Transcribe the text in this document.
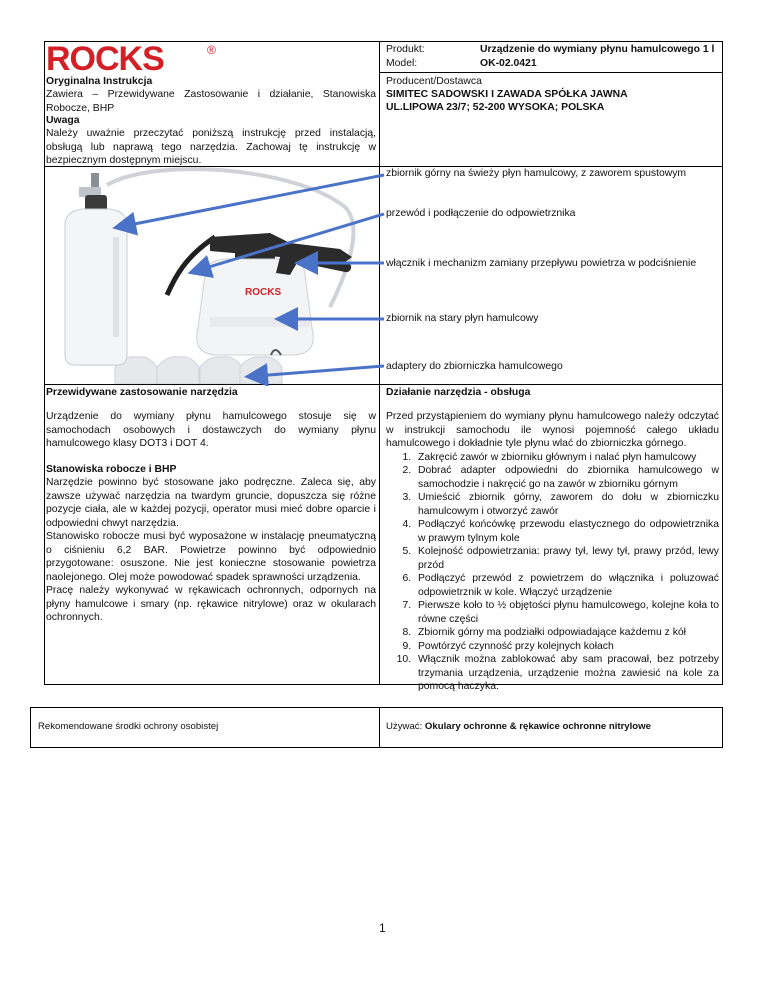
ROCKS	®
Oryginalna Instrukcja
Zawiera – Przewidywane Zastosowanie i działanie, Stanowiska Robocze, BHP
Uwaga
Należy uważnie przeczytać poniższą instrukcję przed instalacją, obsługą lub naprawą tego narzędzia. Zachowaj tę instrukcję w bezpiecznym dostępnym miejscu.
Produkt:	Urządzenie do wymiany płynu hamulcowego 1 l
Model:	OK-02.0421
Producent/Dostawca
SIMITEC SADOWSKI I ZAWADA SPÓŁKA JAWNA
UL.LIPOWA 23/7; 52-200 WYSOKA; POLSKA
ROCKS
zbiornik górny na świeży płyn hamulcowy, z zaworem spustowym
przewód i podłączenie do odpowietrznika
włącznik i mechanizm zamiany przepływu powietrza w podciśnienie
zbiornik na stary płyn hamulcowy
adaptery do zbiorniczka hamulcowego
Przewidywane zastosowanie narzędzia
Urządzenie do wymiany płynu hamulcowego stosuje się w samochodach osobowych i dostawczych do wymiany płynu hamulcowego klasy DOT3 i DOT 4.
Stanowiska robocze i BHP

Narzędzie powinno być stosowane jako podręczne. Zaleca się, aby zawsze używać narzędzia na twardym gruncie, dopuszcza się różne pozycje ciała, ale w każdej pozycji, operator musi mieć dobre oparcie i odpowiedni chwyt narzędzia.

Stanowisko robocze musi być wyposażone w instalację pneumatyczną o ciśnieniu 6,2 BAR. Powietrze powinno być odpowiednio przygotowane: osuszone. Nie jest konieczne stosowanie powietrza naolejonego. Olej może powodować spadek sprawności urządzenia.

Pracę należy wykonywać w rękawicach ochronnych, odpornych na płyny hamulcowe i smary (np. rękawice nitrylowe) oraz w okularach ochronnych.

Działanie narzędzia - obsługa

Przed przystąpieniem do wymiany płynu hamulcowego należy odczytać w instrukcji samochodu ile wynosi pojemność całego układu hamulcowego i dokładnie tyle płynu wlać do zbiorniczka górnego.

1. Zakręcić zawór w zbiorniku głównym i nalać płyn hamulcowy
2. Dobrać adapter odpowiedni do zbiornika hamulcowego w samochodzie i nakręcić go na zawór w zbiorniku górnym
3. Umieścić zbiornik górny, zaworem do dołu w zbiorniczku hamulcowym i otworzyć zawór
4. Podłączyć końcówkę przewodu elastycznego do odpowietrznika w prawym tylnym kole
5. Kolejność odpowietrzania: prawy tył, lewy tył, prawy przód, lewy przód
6. Podłączyć przewód z powietrzem do włącznika i poluzować odpowietrznik w kole. Włączyć urządzenie
7. Pierwsze koło to ½ objętości płynu hamulcowego, kolejne koła to równe części
8. Zbiornik górny ma podziałki odpowiadające każdemu z kół
9. Powtórzyć czynność przy kolejnych kołach
10. Włącznik można zablokować aby sam pracował, bez potrzeby trzymania urządzenia, urządzenie można zawiesić na kole za pomocą haczyka.
Rekomendowane środki ochrony osobistej	Używać: Okulary ochronne & rękawice ochronne nitrylowe
1
